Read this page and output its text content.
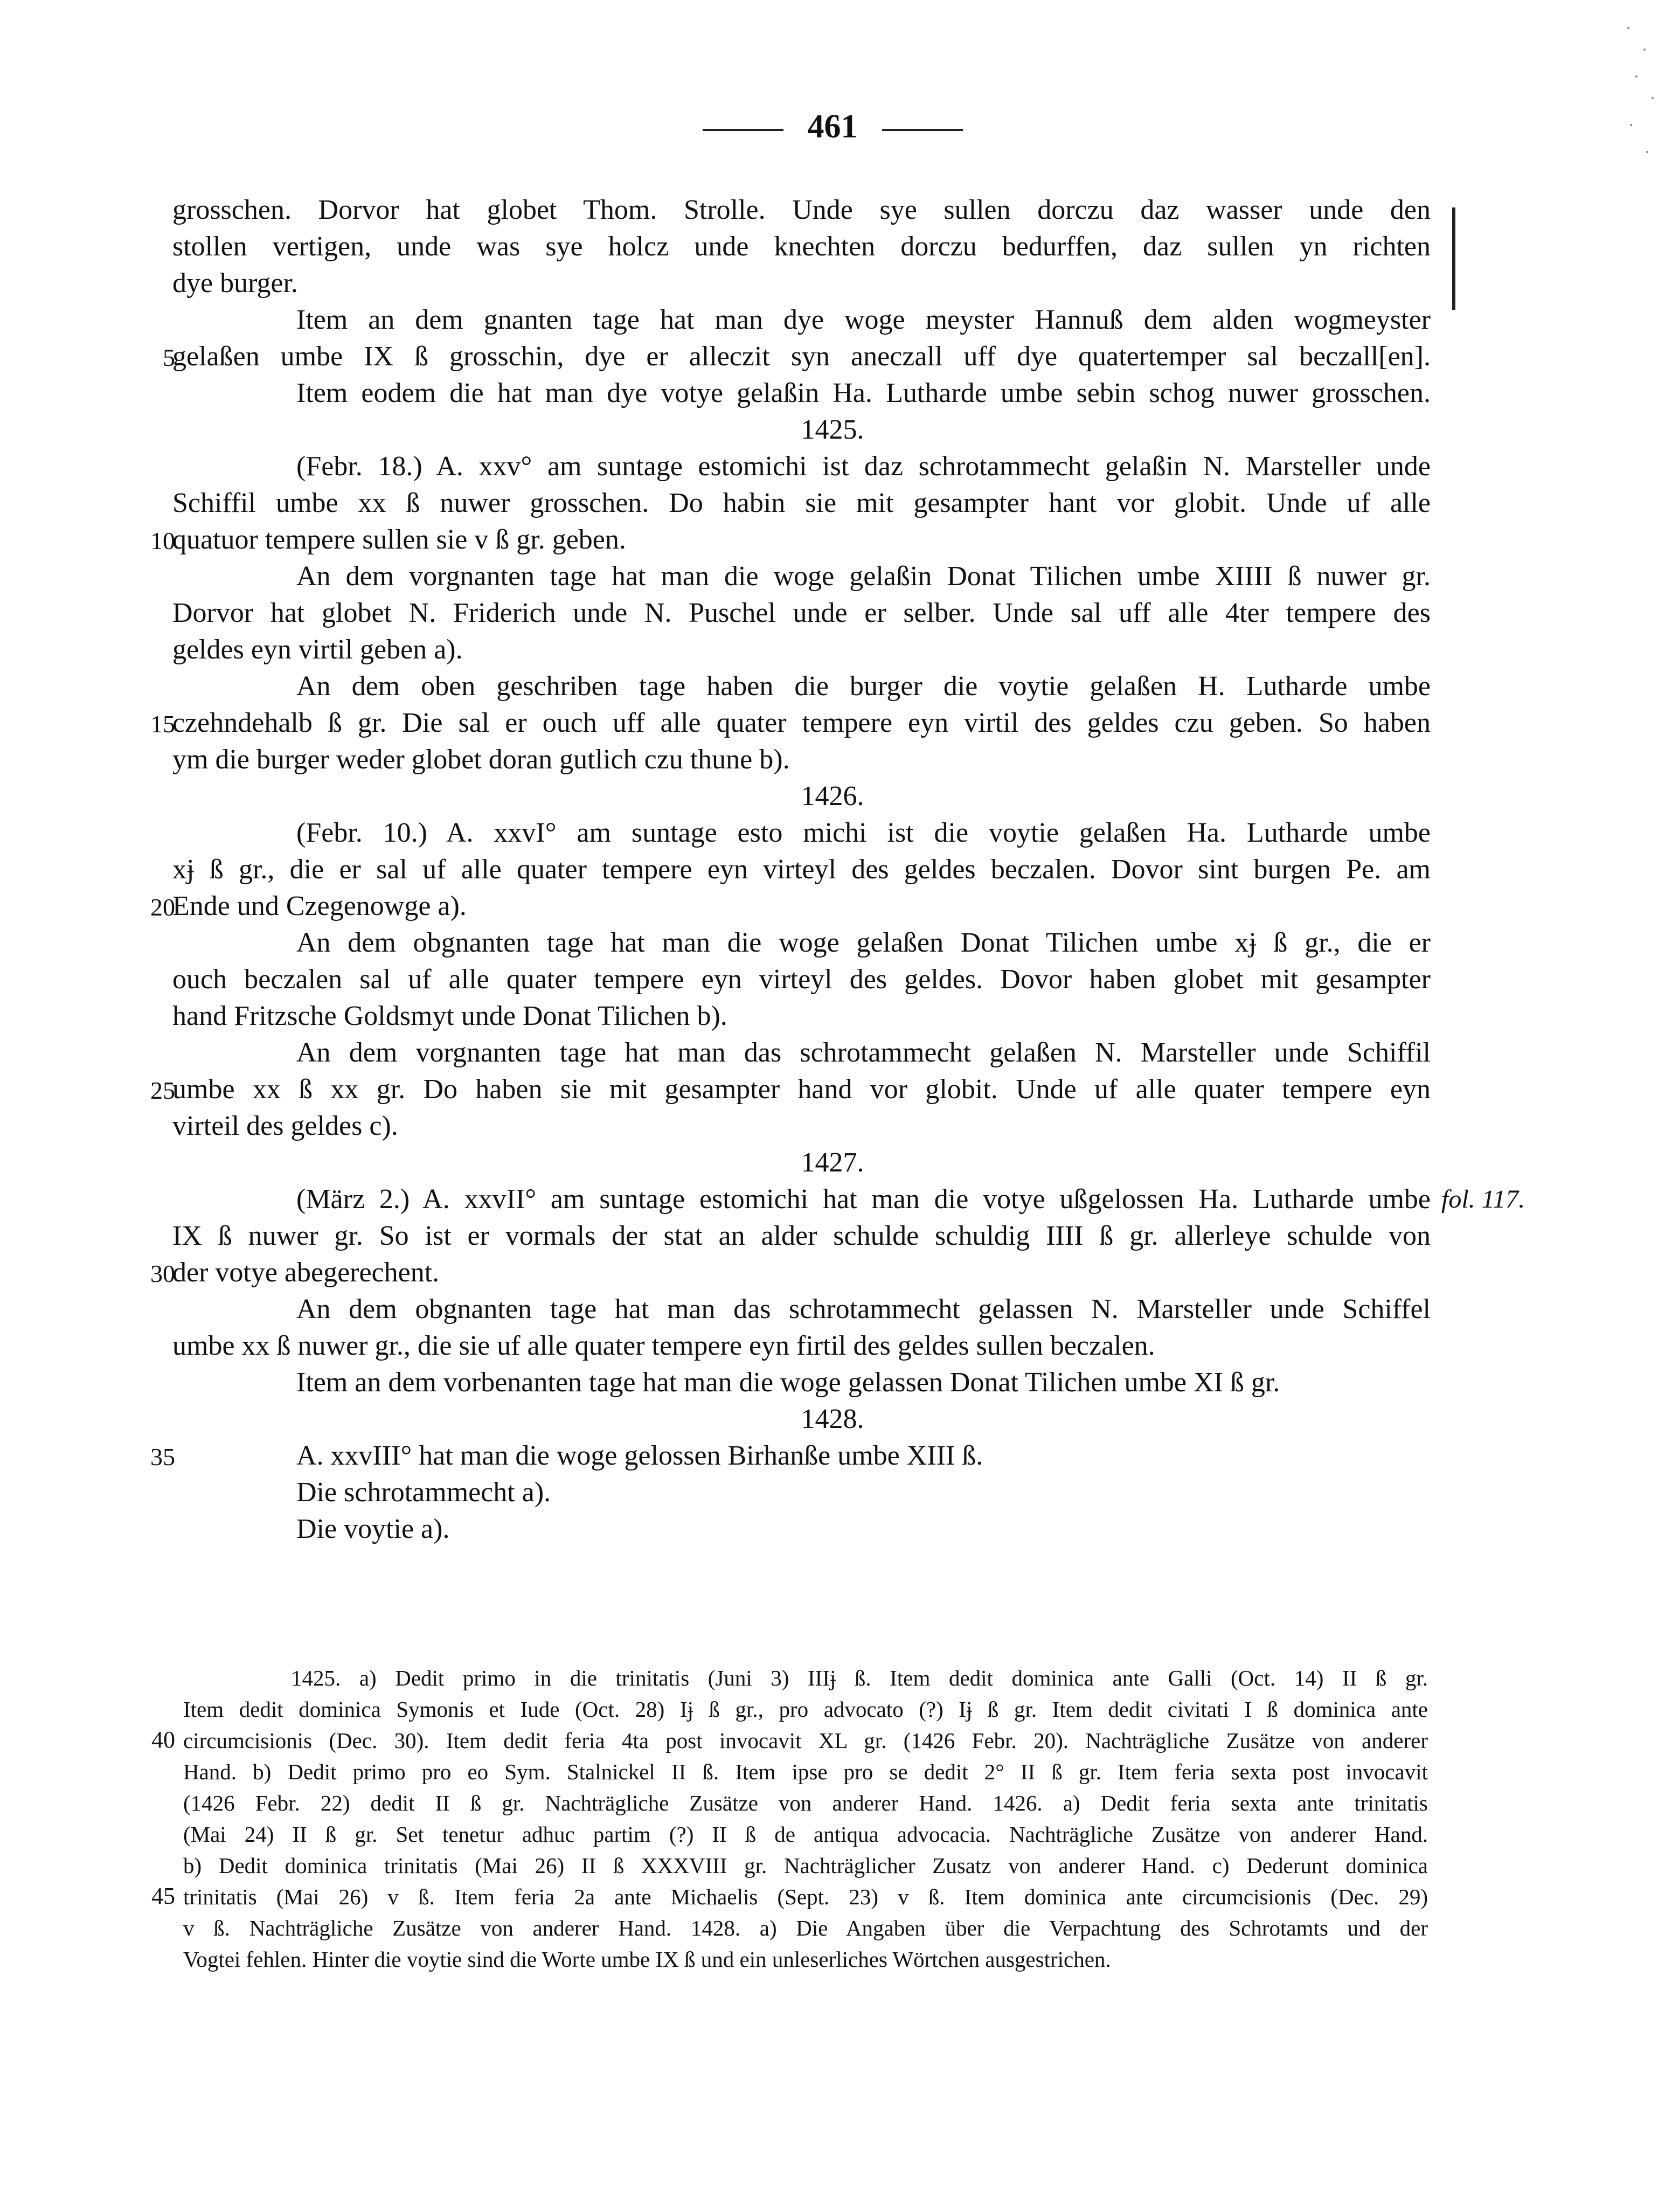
461
grosschen. Dorvor hat globet Thom. Strolle. Unde sye sullen dorczu daz wasser unde den
stollen vertigen, unde was sye holcz unde knechten dorczu bedurffen, daz sullen yn richten
dye burger.
Item an dem gnanten tage hat man dye woge meyster Hannuß dem alden wogmeyster
gelaßen umbe IX ß grosschin, dye er alleczit syn aneczall uff dye quatertemper sal beczall[en].
Item eodem die hat man dye votye gelaßin Ha. Lutharde umbe sebin schog nuwer grosschen.
1425.
(Febr. 18.) A. xxv° am suntage estomichi ist daz schrotammecht gelaßin N. Marsteller unde
Schiffil umbe xx ß nuwer grosschen. Do habin sie mit gesampter hant vor globit. Unde uf alle
quatuor tempere sullen sie v ß gr. geben.
An dem vorgnanten tage hat man die woge gelaßin Donat Tilichen umbe XIIII ß nuwer gr.
Dorvor hat globet N. Friderich unde N. Puschel unde er selber. Unde sal uff alle 4ter tempere des
geldes eyn virtil geben a).
An dem oben geschriben tage haben die burger die voytie gelaßen H. Lutharde umbe
czehndehalb ß gr. Die sal er ouch uff alle quater tempere eyn virtil des geldes czu geben. So haben
ym die burger weder globet doran gutlich czu thune b).
1426.
(Febr. 10.) A. xxvI° am suntage esto michi ist die voytie gelaßen Ha. Lutharde umbe
xɉ ß gr., die er sal uf alle quater tempere eyn virteyl des geldes beczalen. Dovor sint burgen Pe. am
Ende und Czegenowge a).
An dem obgnanten tage hat man die woge gelaßen Donat Tilichen umbe xɉ ß gr., die er
ouch beczalen sal uf alle quater tempere eyn virteyl des geldes. Dovor haben globet mit gesampter
hand Fritzsche Goldsmyt unde Donat Tilichen b).
An dem vorgnanten tage hat man das schrotammecht gelaßen N. Marsteller unde Schiffil
umbe xx ß xx gr. Do haben sie mit gesampter hand vor globit. Unde uf alle quater tempere eyn
virteil des geldes c).
1427.
(März 2.) A. xxvII° am suntage estomichi hat man die votye ußgelossen Ha. Lutharde umbe
IX ß nuwer gr. So ist er vormals der stat an alder schulde schuldig IIII ß gr. allerleye schulde von
der votye abegerechent.
An dem obgnanten tage hat man das schrotammecht gelassen N. Marsteller unde Schiffel
umbe xx ß nuwer gr., die sie uf alle quater tempere eyn firtil des geldes sullen beczalen.
Item an dem vorbenanten tage hat man die woge gelassen Donat Tilichen umbe XI ß gr.
1428.
A. xxvIII° hat man die woge gelossen Birhanße umbe XIII ß.
Die schrotammecht a).
Die voytie a).
5
10
15
20
25
30
35
fol. 117.
1425. a) Dedit primo in die trinitatis (Juni 3) IIIɉ ß. Item dedit dominica ante Galli (Oct. 14) II ß gr.
Item dedit dominica Symonis et Iude (Oct. 28) Iɉ ß gr., pro advocato (?) Iɉ ß gr. Item dedit civitati I ß dominica ante
circumcisionis (Dec. 30). Item dedit feria 4ta post invocavit XL gr. (1426 Febr. 20). Nachträgliche Zusätze von anderer
Hand. b) Dedit primo pro eo Sym. Stalnickel II ß. Item ipse pro se dedit 2° II ß gr. Item feria sexta post invocavit
(1426 Febr. 22) dedit II ß gr. Nachträgliche Zusätze von anderer Hand. 1426. a) Dedit feria sexta ante trinitatis
(Mai 24) II ß gr. Set tenetur adhuc partim (?) II ß de antiqua advocacia. Nachträgliche Zusätze von anderer Hand.
b) Dedit dominica trinitatis (Mai 26) II ß XXXVIII gr. Nachträglicher Zusatz von anderer Hand. c) Dederunt dominica
trinitatis (Mai 26) v ß. Item feria 2a ante Michaelis (Sept. 23) v ß. Item dominica ante circumcisionis (Dec. 29)
v ß. Nachträgliche Zusätze von anderer Hand. 1428. a) Die Angaben über die Verpachtung des Schrotamts und der
Vogtei fehlen. Hinter die voytie sind die Worte umbe IX ß und ein unleserliches Wörtchen ausgestrichen.
40
45
